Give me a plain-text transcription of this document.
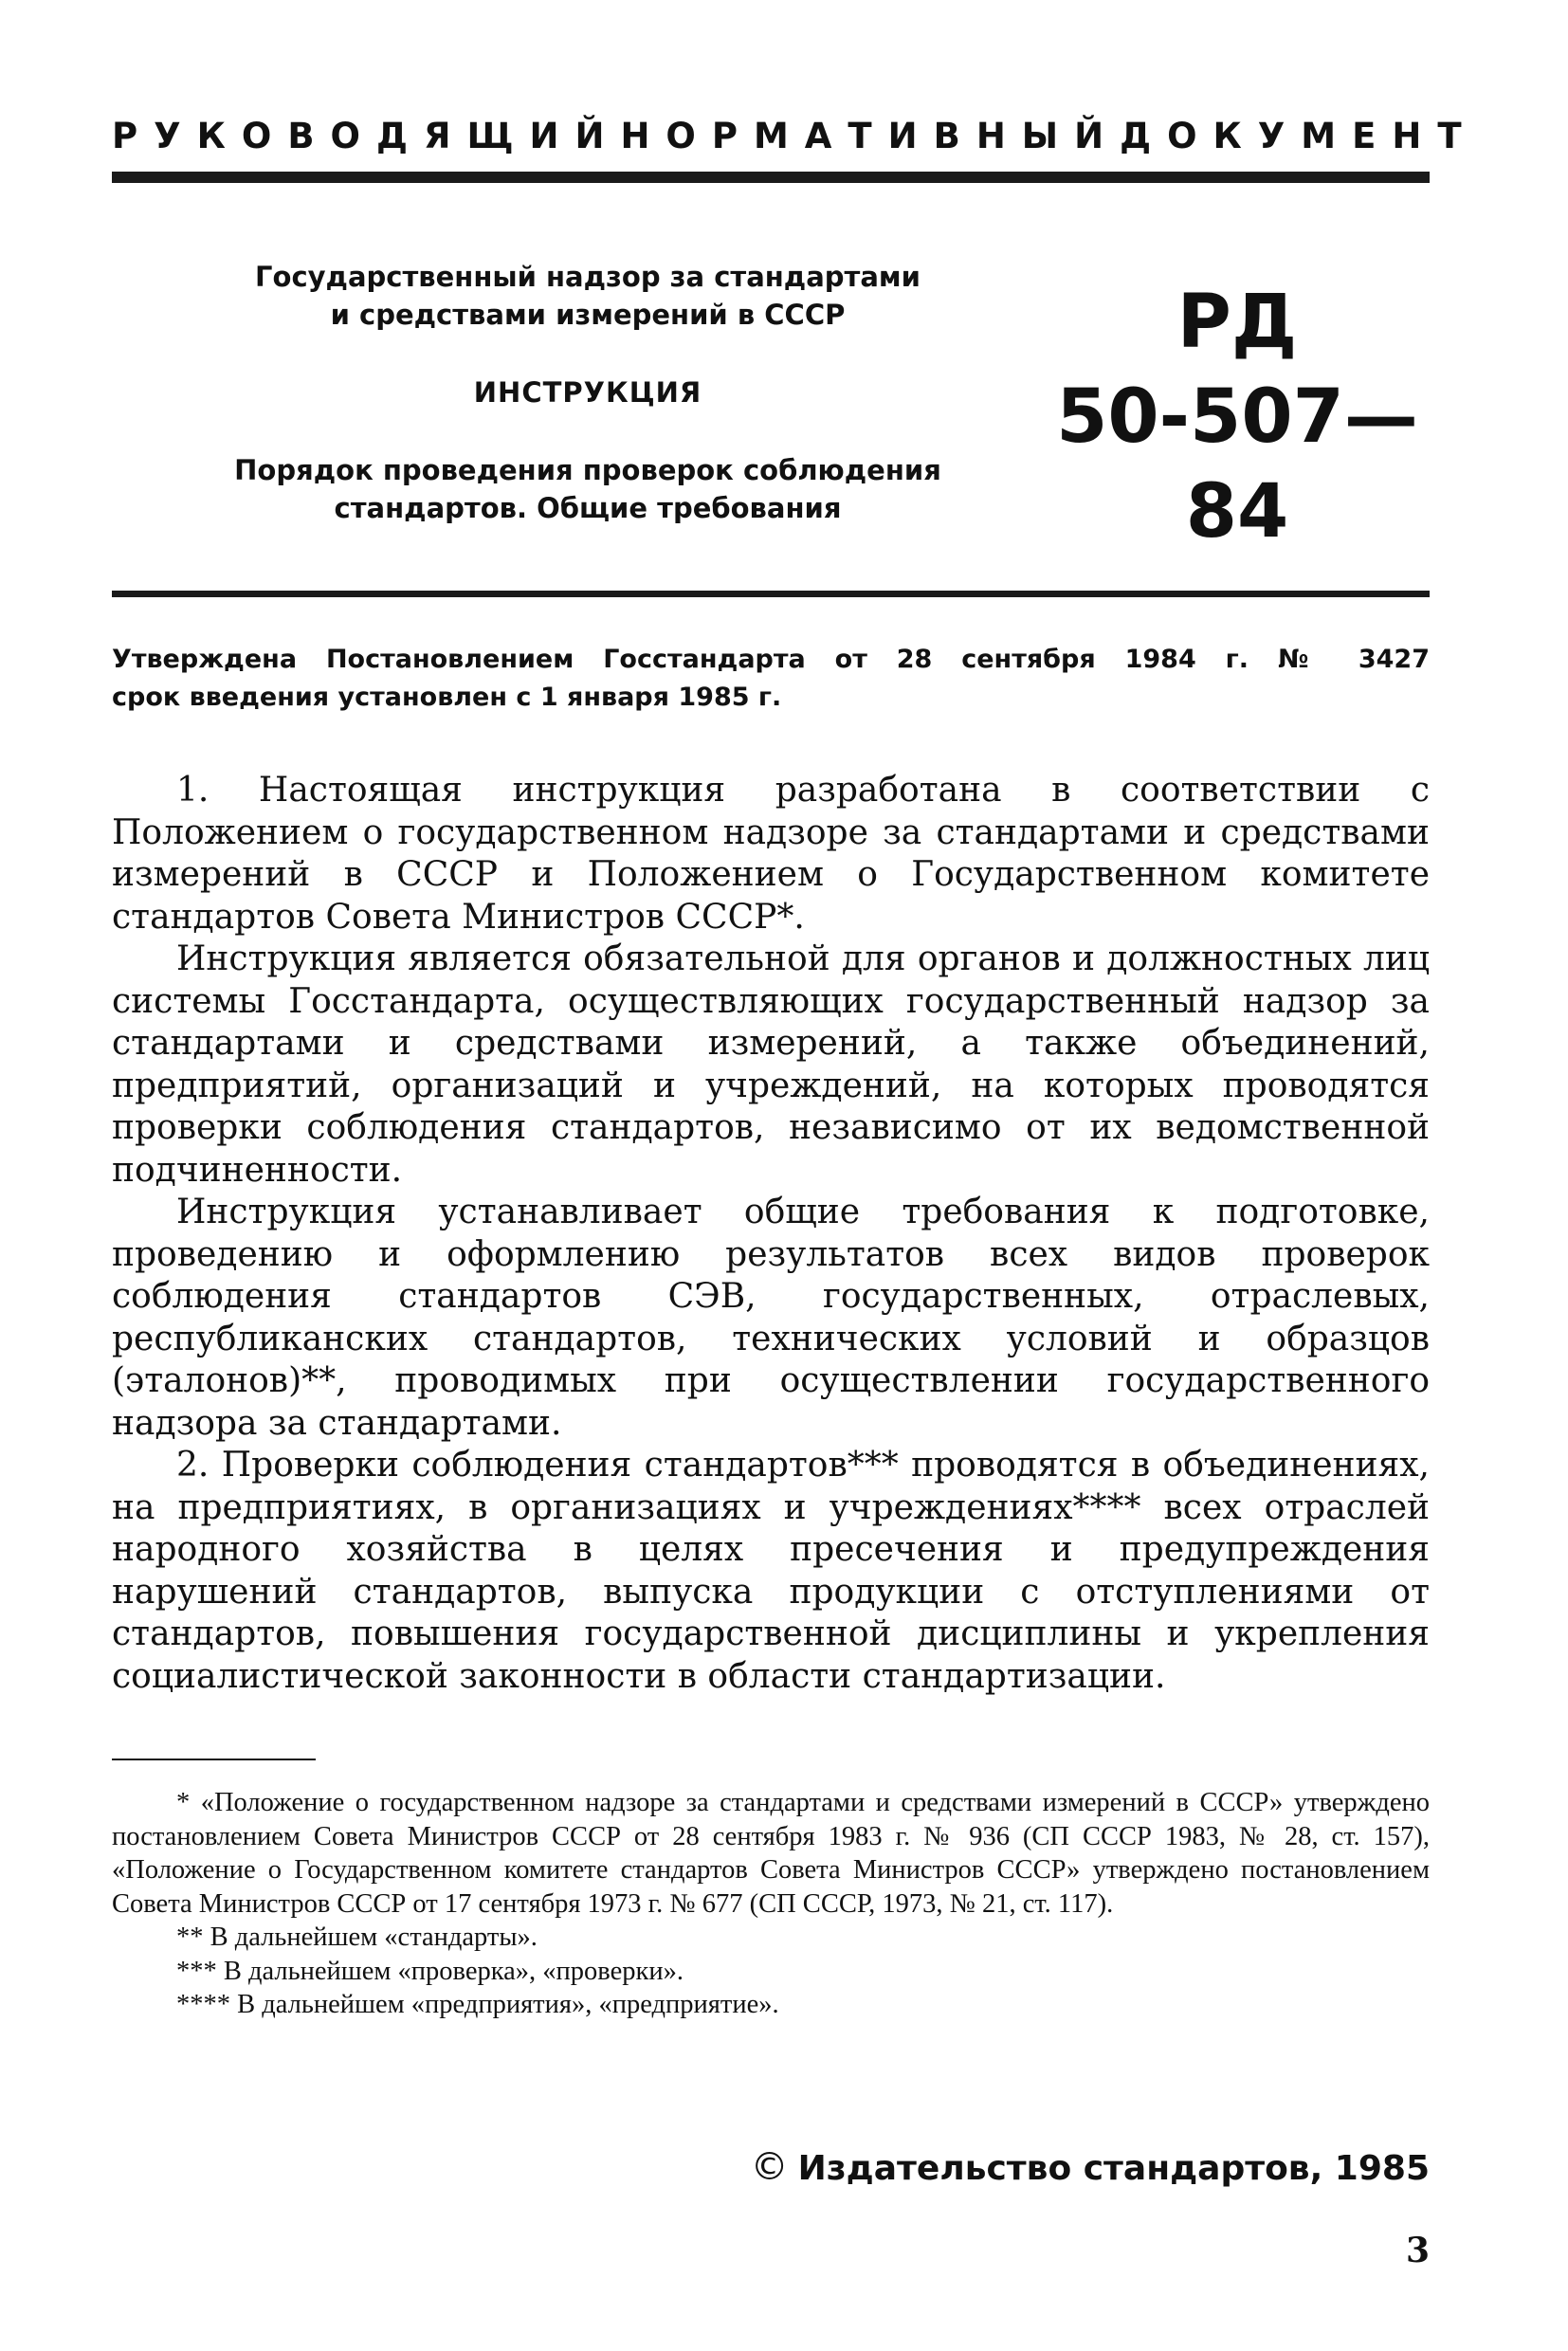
РУКОВОДЯЩИЙ НОРМАТИВНЫЙ ДОКУМЕНТ
Государственный надзор за стандартами
и средствами измерений в СССР
ИНСТРУКЦИЯ
Порядок проведения проверок соблюдения
стандартов. Общие требования
РД
50-507—84
Утверждена Постановлением Госстандарта от 28 сентября 1984 г. № 3427
срок введения установлен с 1 января 1985 г.

1. Настоящая инструкция разработана в соответствии с Положением о государственном надзоре за стандартами и средствами измерений в СССР и Положением о Государственном комитете стандартов Совета Министров СССР*.

Инструкция является обязательной для органов и должностных лиц системы Госстандарта, осуществляющих государственный надзор за стандартами и средствами измерений, а также объединений, предприятий, организаций и учреждений, на которых проводятся проверки соблюдения стандартов, независимо от их ведомственной подчиненности.

Инструкция устанавливает общие требования к подготовке, проведению и оформлению результатов всех видов проверок соблюдения стандартов СЭВ, государственных, отраслевых, республиканских стандартов, технических условий и образцов (эталонов)**, проводимых при осуществлении государственного надзора за стандартами.

2. Проверки соблюдения стандартов*** проводятся в объединениях, на предприятиях, в организациях и учреждениях**** всех отраслей народного хозяйства в целях пресечения и предупреждения нарушений стандартов, выпуска продукции с отступлениями от стандартов, повышения государственной дисциплины и укрепления социалистической законности в области стандартизации.

* «Положение о государственном надзоре за стандартами и средствами измерений в СССР» утверждено постановлением Совета Министров СССР от 28 сентября 1983 г. № 936 (СП СССР 1983, № 28, ст. 157), «Положение о Государственном комитете стандартов Совета Министров СССР» утверждено постановлением Совета Министров СССР от 17 сентября 1973 г. № 677 (СП СССР, 1973, № 21, ст. 117).

** В дальнейшем «стандарты».

*** В дальнейшем «проверка», «проверки».

**** В дальнейшем «предприятия», «предприятие».

© Издательство стандартов, 1985
3
